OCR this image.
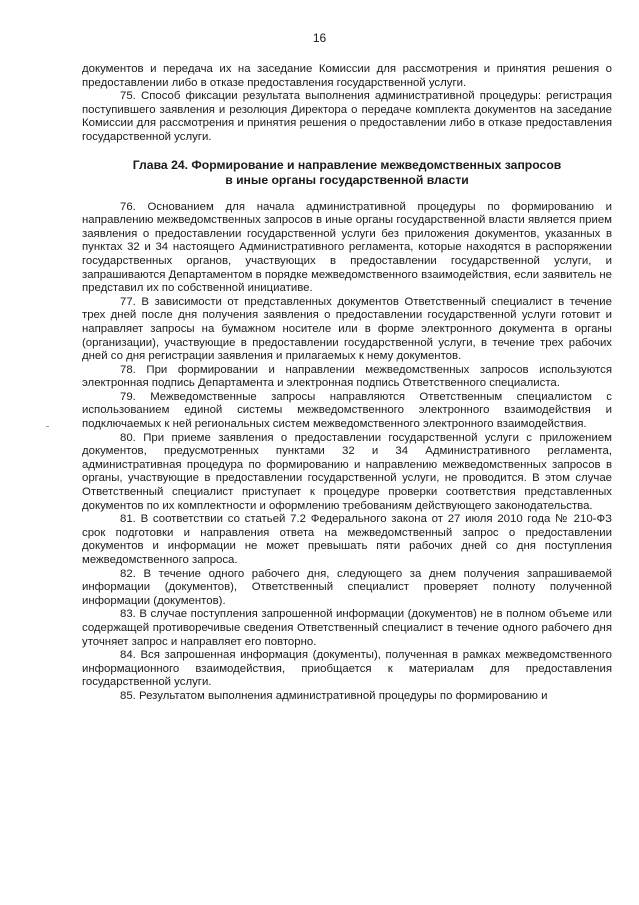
16

документов и передача их на заседание Комиссии для рассмотрения и принятия решения о предоставлении либо в отказе предоставления государственной услуги.

75. Способ фиксации результата выполнения административной процедуры: регистрация поступившего заявления и резолюция Директора о передаче комплекта документов на заседание Комиссии для рассмотрения и принятия решения о предоставлении либо в отказе предоставления государственной услуги.

Глава 24. Формирование и направление межведомственных запросов
в иные органы государственной власти

76. Основанием для начала административной процедуры по формированию и направлению межведомственных запросов в иные органы государственной власти является прием заявления о предоставлении государственной услуги без приложения документов, указанных в пунктах 32 и 34 настоящего Административного регламента, которые находятся в распоряжении государственных органов, участвующих в предоставлении государственной услуги, и запрашиваются Департаментом в порядке межведомственного взаимодействия, если заявитель не представил их по собственной инициативе.

77. В зависимости от представленных документов Ответственный специалист в течение трех дней после дня получения заявления о предоставлении государственной услуги готовит и направляет запросы на бумажном носителе или в форме электронного документа в органы (организации), участвующие в предоставлении государственной услуги, в течение трех рабочих дней со дня регистрации заявления и прилагаемых к нему документов.

78. При формировании и направлении межведомственных запросов используются электронная подпись Департамента и электронная подпись Ответственного специалиста.

79. Межведомственные запросы направляются Ответственным специалистом с использованием единой системы межведомственного электронного взаимодействия и подключаемых к ней региональных систем межведомственного электронного взаимодействия.

80. При приеме заявления о предоставлении государственной услуги с приложением документов, предусмотренных пунктами 32 и 34 Административного регламента, административная процедура по формированию и направлению межведомственных запросов в органы, участвующие в предоставлении государственной услуги, не проводится. В этом случае Ответственный специалист приступает к процедуре проверки соответствия представленных документов по их комплектности и оформлению требованиям действующего законодательства.

81. В соответствии со статьей 7.2 Федерального закона от 27 июля 2010 года № 210-ФЗ срок подготовки и направления ответа на межведомственный запрос о предоставлении документов и информации не может превышать пяти рабочих дней со дня поступления межведомственного запроса.

82. В течение одного рабочего дня, следующего за днем получения запрашиваемой информации (документов), Ответственный специалист проверяет полноту полученной информации (документов).

83. В случае поступления запрошенной информации (документов) не в полном объеме или содержащей противоречивые сведения Ответственный специалист в течение одного рабочего дня уточняет запрос и направляет его повторно.

84. Вся запрошенная информация (документы), полученная в рамках межведомственного информационного взаимодействия, приобщается к материалам для предоставления государственной услуги.

85. Результатом выполнения административной процедуры по формированию и
